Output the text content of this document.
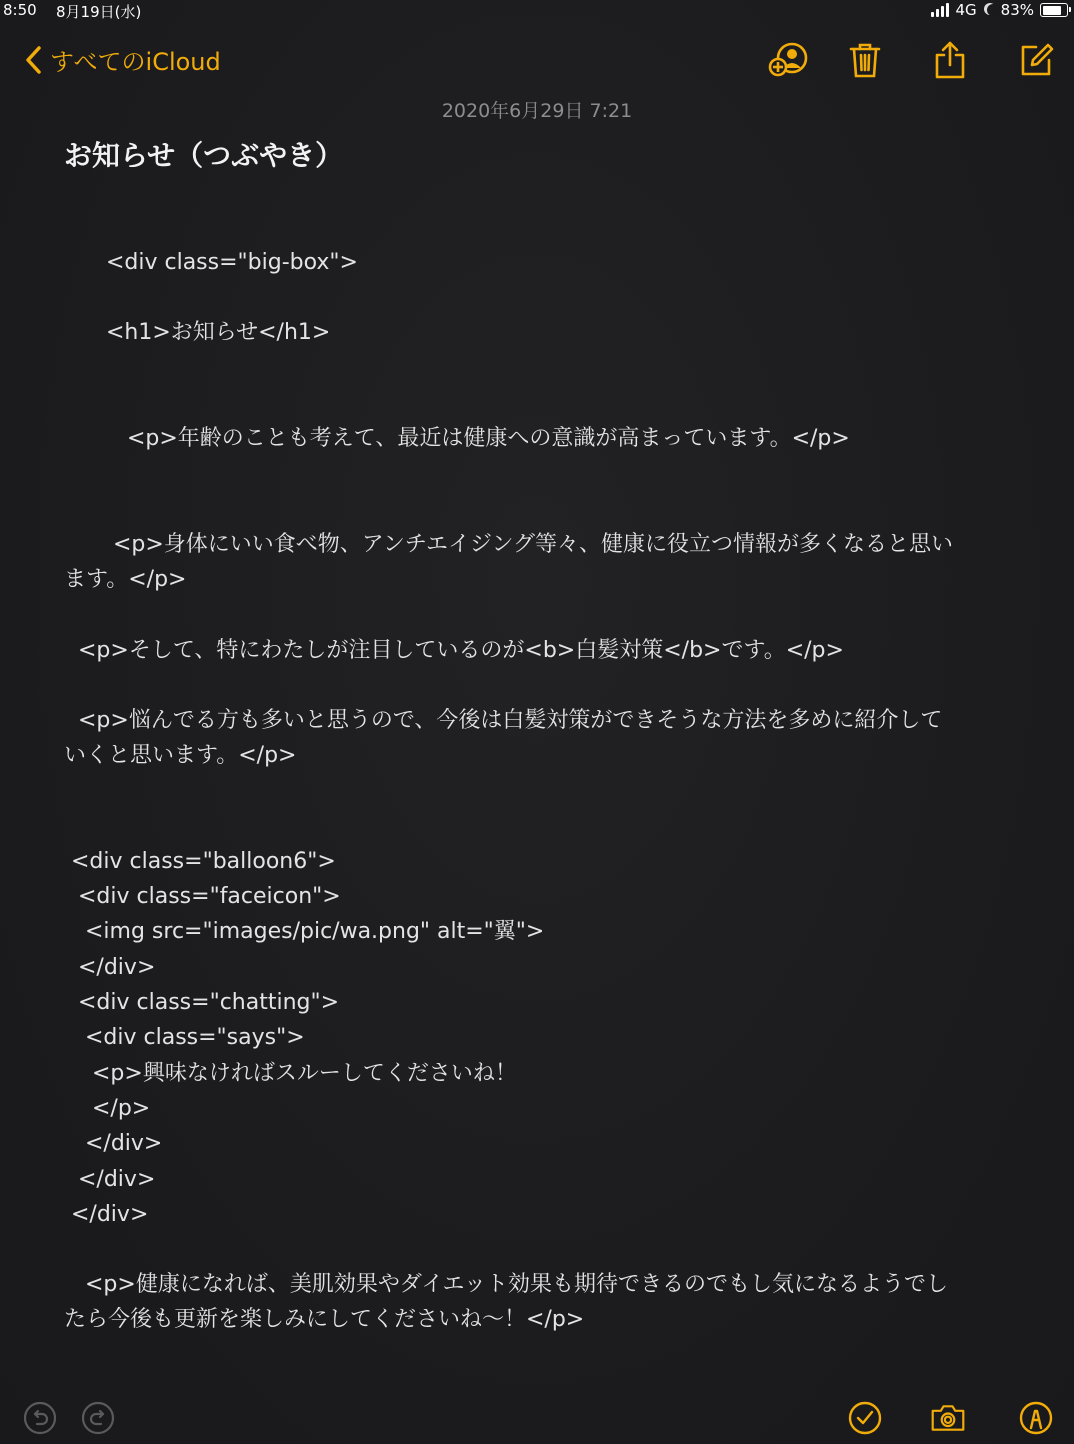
8:50 8月19日(水)	4G 83%
すべてのiCloud
2020年6月29日 7:21
お知らせ（つぶやき）

<div class="big-box">

<h1>お知らせ</h1>

<p>年齢のことも考えて、最近は健康への意識が高まっています。</p>

<p>身体にいい食べ物、アンチエイジング等々、健康に役立つ情報が多くなると思い
ます。</p>

<p>そして、特にわたしが注目しているのが<b>白髪対策</b>です。</p>

<p>悩んでる方も多いと思うので、今後は白髪対策ができそうな方法を多めに紹介して
いくと思います。</p>

<div class="balloon6">

<div class="faceicon">

<img src="images/pic/wa.png" alt="翼">

</div>

<div class="chatting">

<div class="says">

<p>興味なければスルーしてくださいね！

</p>

</div>

</div>

</div>

<p>健康になれば、美肌効果やダイエット効果も期待できるのでもし気になるようでし
たら今後も更新を楽しみにしてくださいね〜！</p>
